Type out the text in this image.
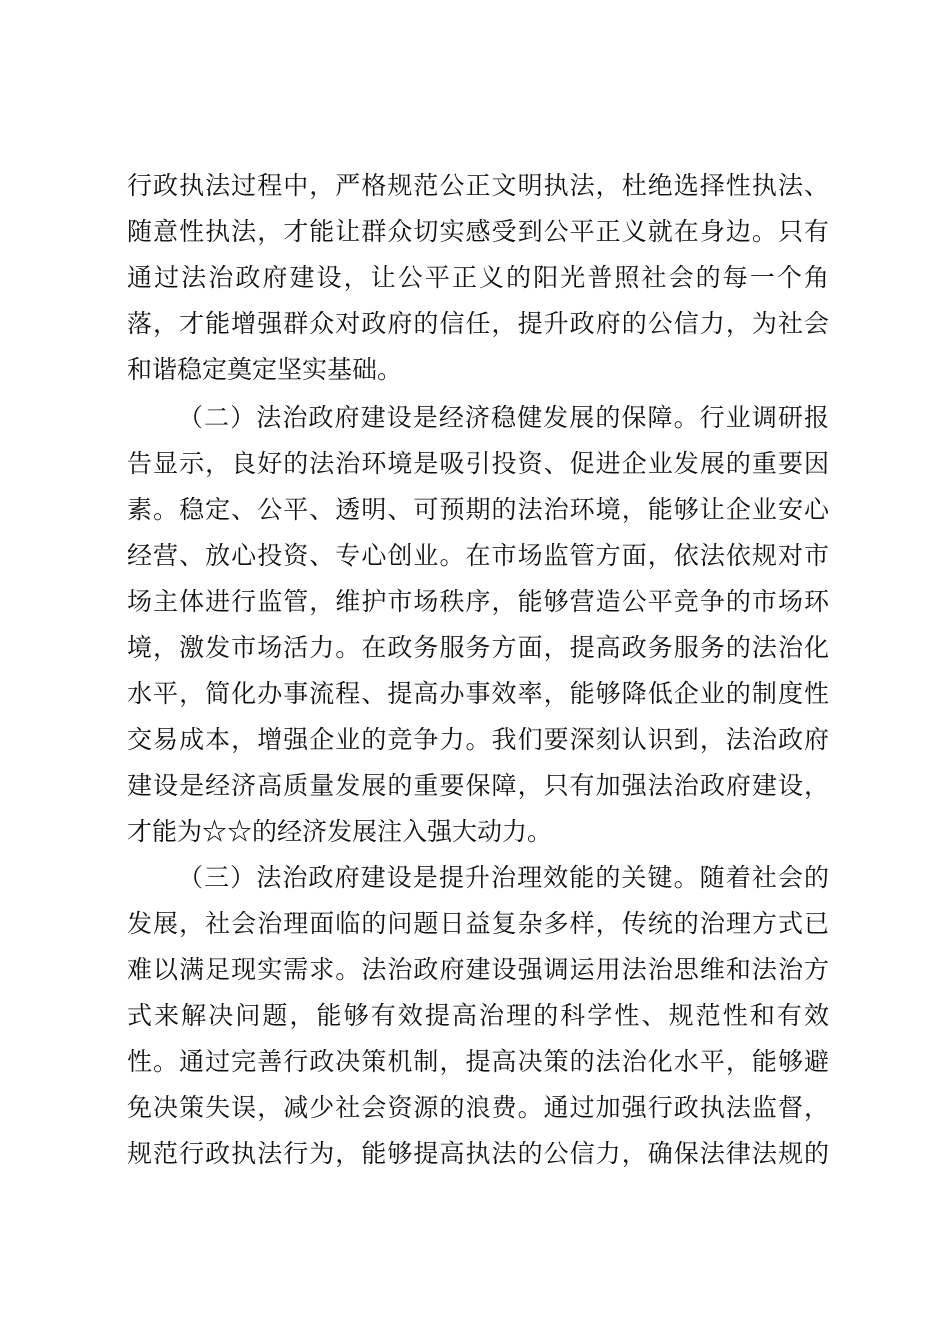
行政执法过程中，严格规范公正文明执法，杜绝选择性执法、
随意性执法，才能让群众切实感受到公平正义就在身边。只有
通过法治政府建设，让公平正义的阳光普照社会的每一个角
落，才能增强群众对政府的信任，提升政府的公信力，为社会
和谐稳定奠定坚实基础。
（二）法治政府建设是经济稳健发展的保障。行业调研报
告显示，良好的法治环境是吸引投资、促进企业发展的重要因
素。稳定、公平、透明、可预期的法治环境，能够让企业安心
经营、放心投资、专心创业。在市场监管方面，依法依规对市
场主体进行监管，维护市场秩序，能够营造公平竞争的市场环
境，激发市场活力。在政务服务方面，提高政务服务的法治化
水平，简化办事流程、提高办事效率，能够降低企业的制度性
交易成本，增强企业的竞争力。我们要深刻认识到，法治政府
建设是经济高质量发展的重要保障，只有加强法治政府建设，
才能为☆☆的经济发展注入强大动力。
（三）法治政府建设是提升治理效能的关键。随着社会的
发展，社会治理面临的问题日益复杂多样，传统的治理方式已
难以满足现实需求。法治政府建设强调运用法治思维和法治方
式来解决问题，能够有效提高治理的科学性、规范性和有效
性。通过完善行政决策机制，提高决策的法治化水平，能够避
免决策失误，减少社会资源的浪费。通过加强行政执法监督，
规范行政执法行为，能够提高执法的公信力，确保法律法规的
